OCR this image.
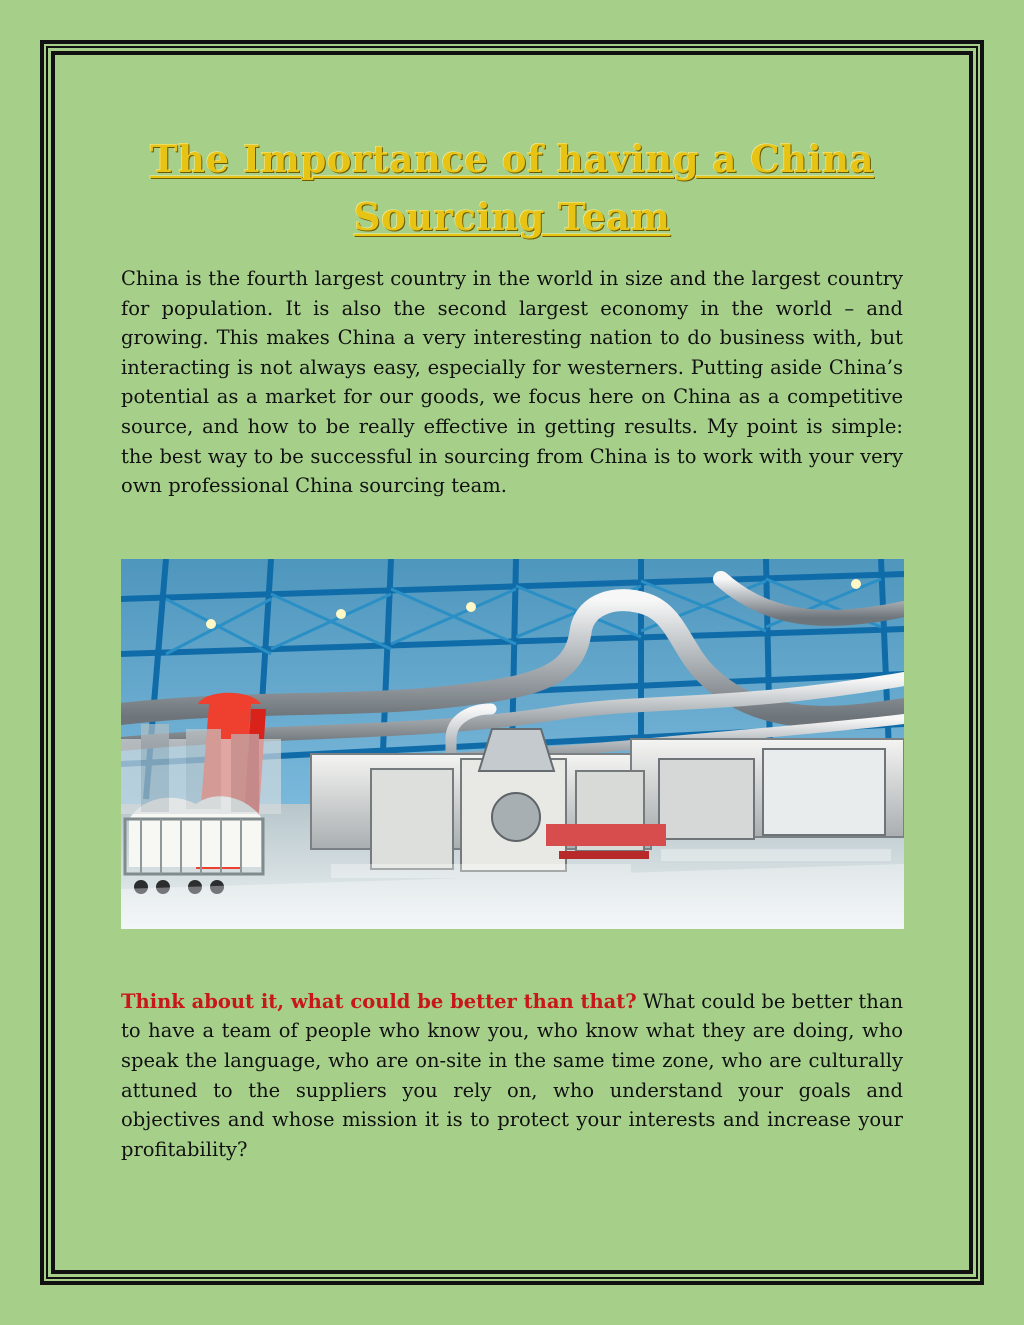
The Importance of having a China Sourcing Team

China is the fourth largest country in the world in size and the largest country for population. It is also the second largest economy in the world – and growing. This makes China a very interesting nation to do business with, but interacting is not always easy, especially for westerners. Putting aside China’s potential as a market for our goods, we focus here on China as a competitive source, and how to be really effective in getting results. My point is simple: the best way to be successful in sourcing from China is to work with your very own professional China sourcing team.

Think about it, what could be better than that? What could be better than to have a team of people who know you, who know what they are doing, who speak the language, who are on-site in the same time zone, who are culturally attuned to the suppliers you rely on, who understand your goals and objectives and whose mission it is to protect your interests and increase your profitability?
